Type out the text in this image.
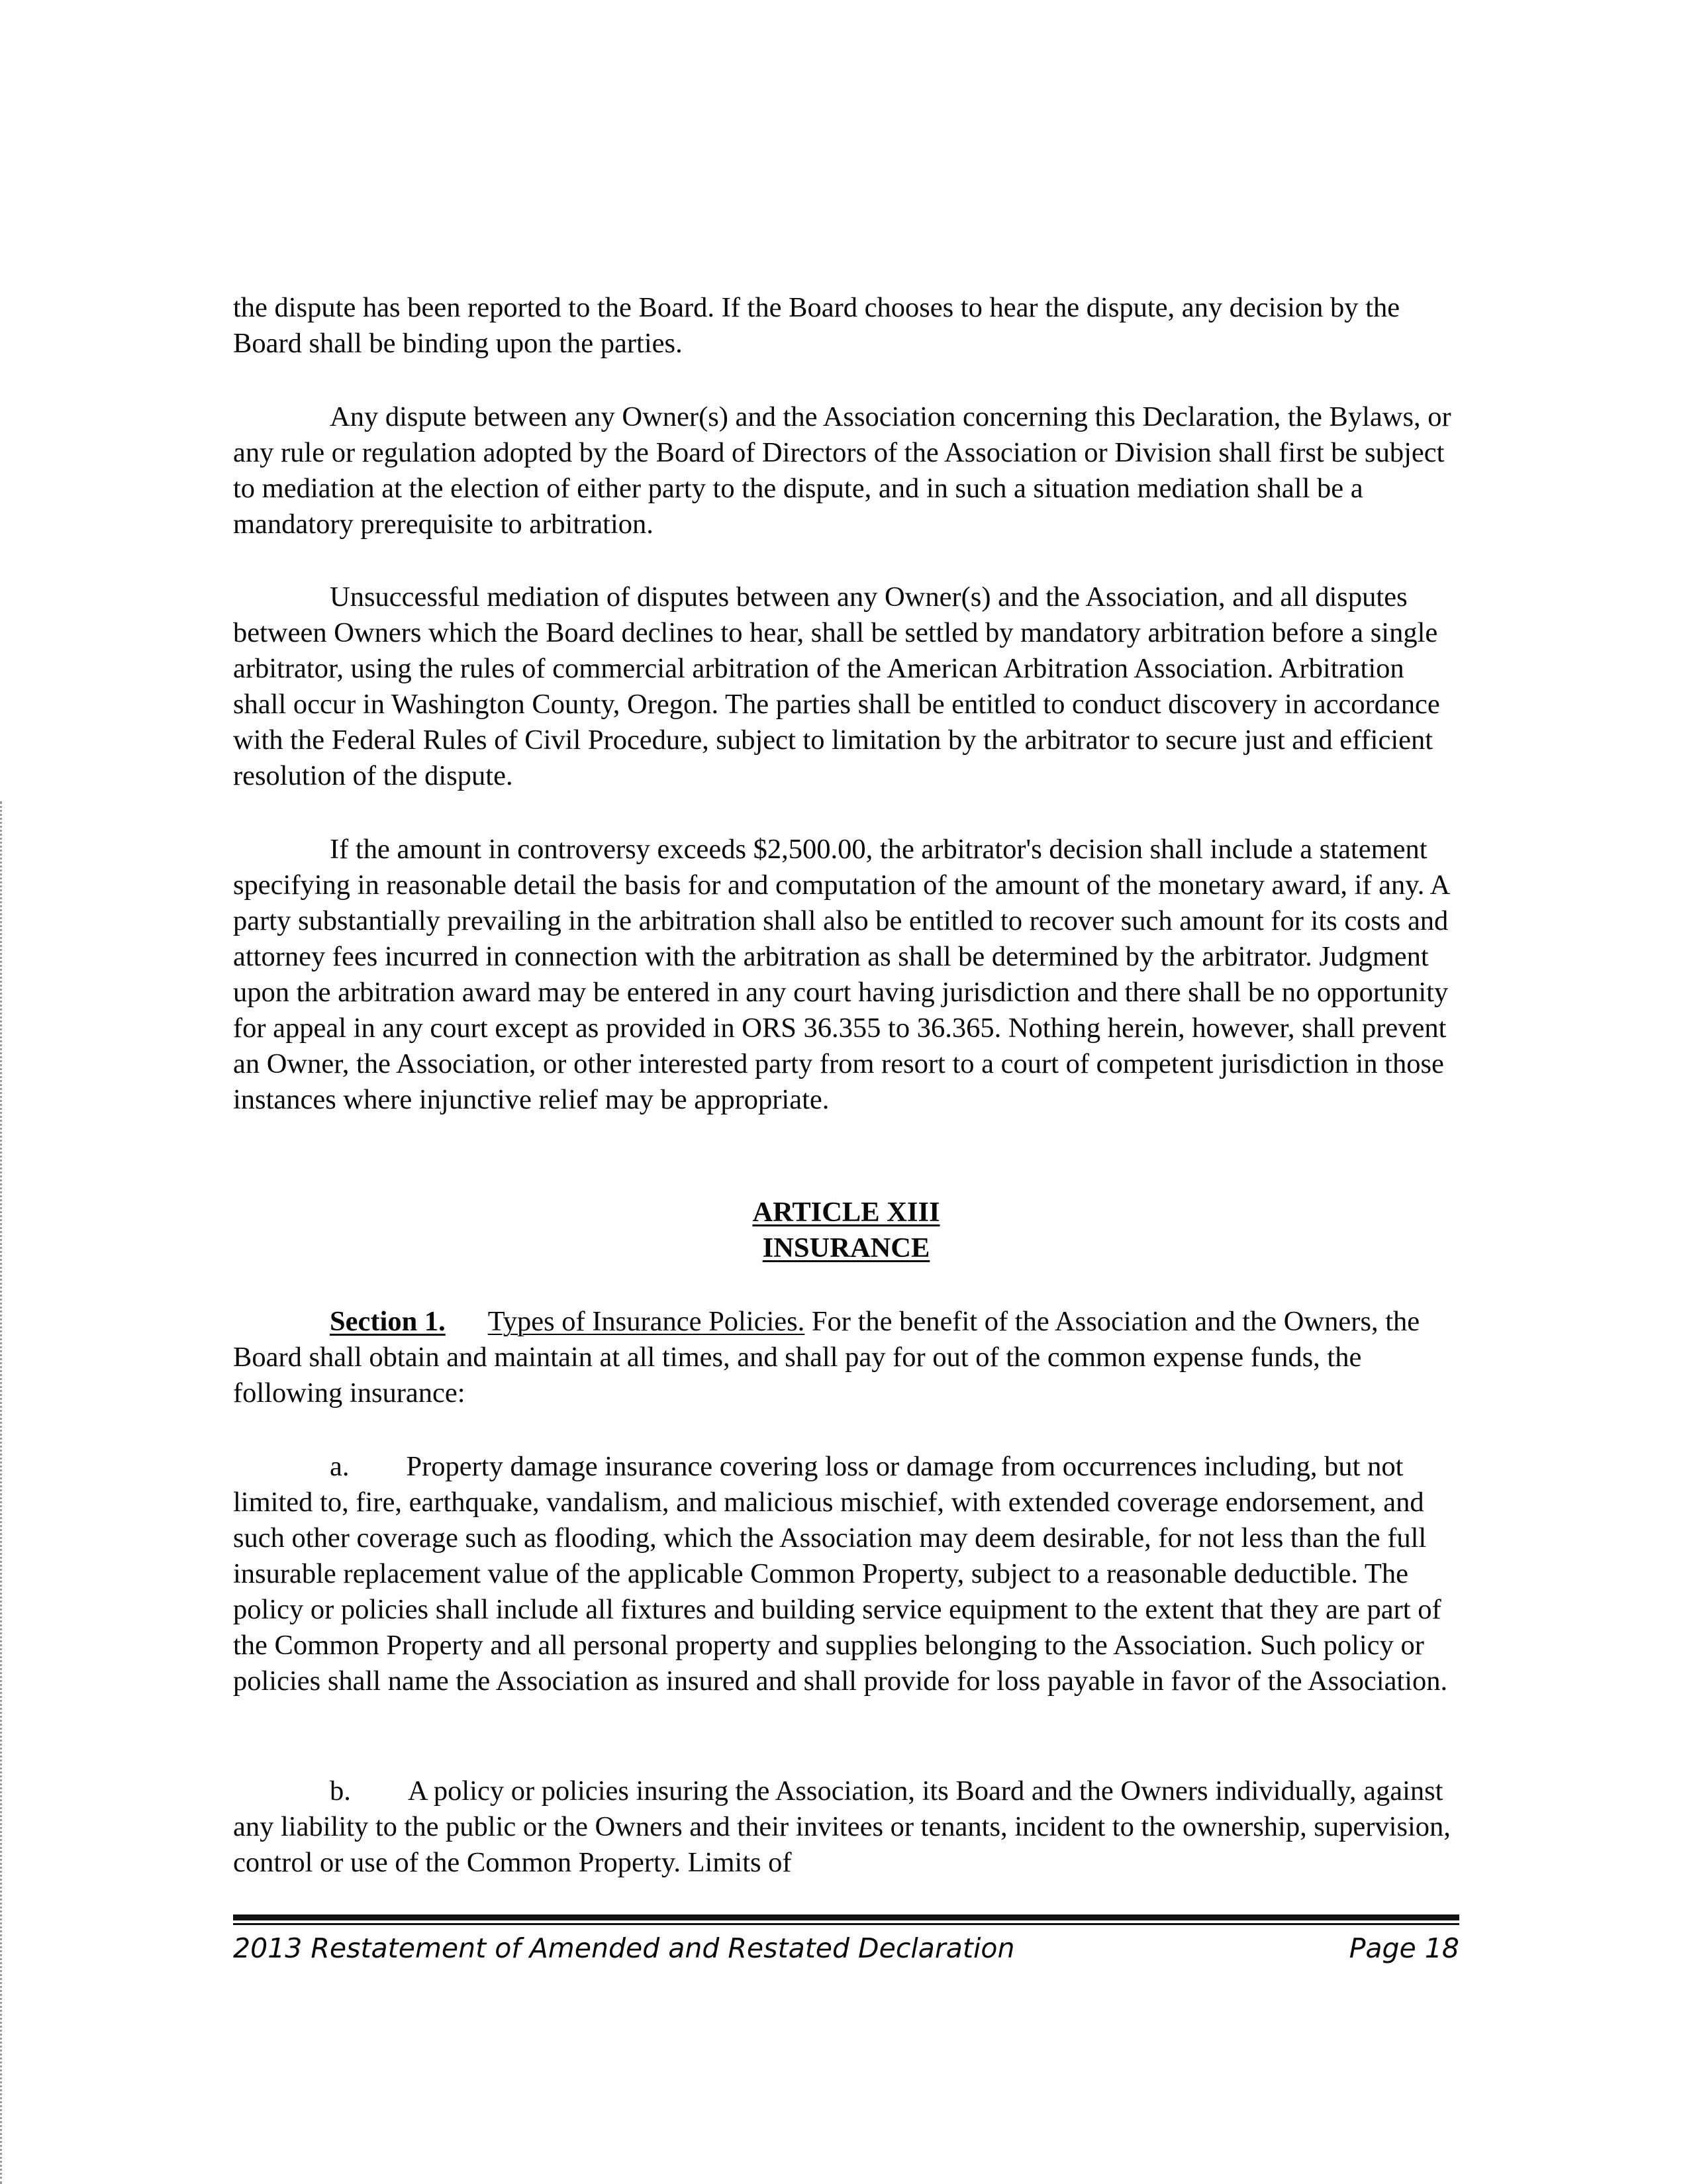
the dispute has been reported to the Board. If the Board chooses to hear the dispute, any decision by the Board shall be binding upon the parties.

Any dispute between any Owner(s) and the Association concerning this Declaration, the Bylaws, or any rule or regulation adopted by the Board of Directors of the Association or Division shall first be subject to mediation at the election of either party to the dispute, and in such a situation mediation shall be a mandatory prerequisite to arbitration.

Unsuccessful mediation of disputes between any Owner(s) and the Association, and all disputes between Owners which the Board declines to hear, shall be settled by mandatory arbitration before a single arbitrator, using the rules of commercial arbitration of the American Arbitration Association. Arbitration shall occur in Washington County, Oregon. The parties shall be entitled to conduct discovery in accordance with the Federal Rules of Civil Procedure, subject to limitation by the arbitrator to secure just and efficient resolution of the dispute.

If the amount in controversy exceeds $2,500.00, the arbitrator's decision shall include a statement specifying in reasonable detail the basis for and computation of the amount of the monetary award, if any. A party substantially prevailing in the arbitration shall also be entitled to recover such amount for its costs and attorney fees incurred in connection with the arbitration as shall be determined by the arbitrator. Judgment upon the arbitration award may be entered in any court having jurisdiction and there shall be no opportunity for appeal in any court except as provided in ORS 36.355 to 36.365. Nothing herein, however, shall prevent an Owner, the Association, or other interested party from resort to a court of competent jurisdiction in those instances where injunctive relief may be appropriate.

ARTICLE XIII
INSURANCE

Section 1. Types of Insurance Policies. For the benefit of the Association and the Owners, the Board shall obtain and maintain at all times, and shall pay for out of the common expense funds, the following insurance:

a. Property damage insurance covering loss or damage from occurrences including, but not limited to, fire, earthquake, vandalism, and malicious mischief, with extended coverage endorsement, and such other coverage such as flooding, which the Association may deem desirable, for not less than the full insurable replacement value of the applicable Common Property, subject to a reasonable deductible. The policy or policies shall include all fixtures and building service equipment to the extent that they are part of the Common Property and all personal property and supplies belonging to the Association. Such policy or policies shall name the Association as insured and shall provide for loss payable in favor of the Association.

b. A policy or policies insuring the Association, its Board and the Owners individually, against any liability to the public or the Owners and their invitees or tenants, incident to the ownership, supervision, control or use of the Common Property. Limits of

2013 Restatement of Amended and Restated Declaration	Page 18
